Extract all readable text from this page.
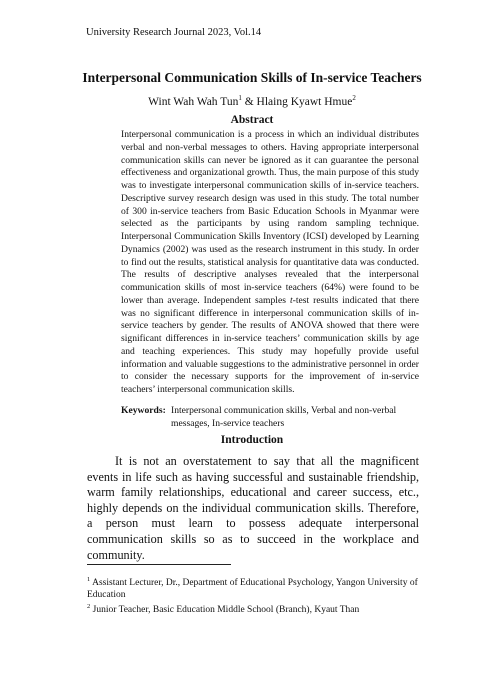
University Research Journal 2023, Vol.14
Interpersonal Communication Skills of In-service Teachers
Wint Wah Wah Tun$^1$ & Hlaing Kyawt Hmue$^2$
Abstract

Interpersonal communication is a process in which an individual distributes verbal and non-verbal messages to others. Having appropriate interpersonal communication skills can never be ignored as it can guarantee the personal effectiveness and organizational growth. Thus, the main purpose of this study was to investigate interpersonal communication skills of in-service teachers. Descriptive survey research design was used in this study. The total number of 300 in-service teachers from Basic Education Schools in Myanmar were selected as the participants by using random sampling technique. Interpersonal Communication Skills Inventory (ICSI) developed by Learning Dynamics (2002) was used as the research instrument in this study. In order to find out the results, statistical analysis for quantitative data was conducted. The results of descriptive analyses revealed that the interpersonal communication skills of most in-service teachers (64%) were found to be lower than average. Independent samples t-test results indicated that there was no significant difference in interpersonal communication skills of in-service teachers by gender. The results of ANOVA showed that there were significant differences in in-service teachers’ communication skills by age and teaching experiences. This study may hopefully provide useful information and valuable suggestions to the administrative personnel in order to consider the necessary supports for the improvement of in-service teachers’ interpersonal communication skills.

Keywords: Interpersonal communication skills, Verbal and non-verbal messages, In-service teachers
Introduction

It is not an overstatement to say that all the magnificent events in life such as having successful and sustainable friendship, warm family relationships, educational and career success, etc., highly depends on the individual communication skills. Therefore, a person must learn to possess adequate interpersonal communication skills so as to succeed in the workplace and community.

$^1$ Assistant Lecturer, Dr., Department of Educational Psychology, Yangon University of Education
$^2$ Junior Teacher, Basic Education Middle School (Branch), Kyaut Than
